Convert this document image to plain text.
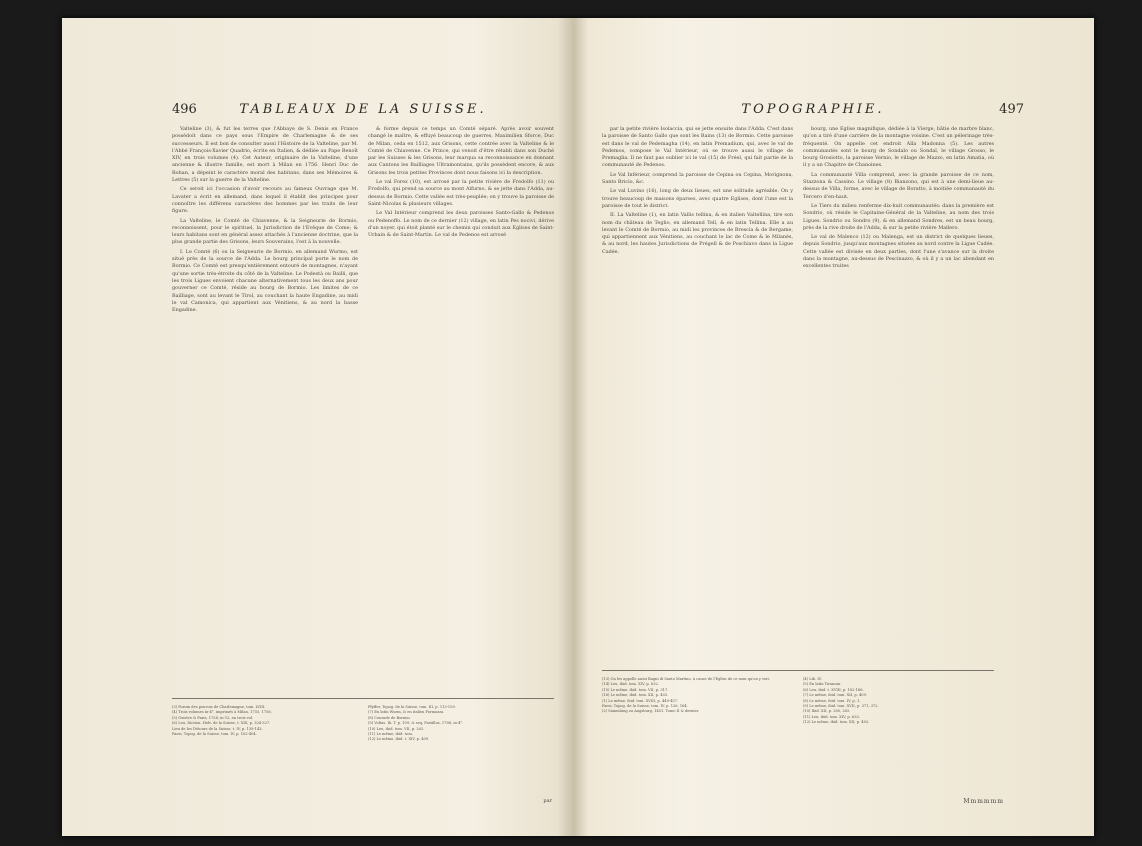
496	TABLEAUX DE LA SUISSE.

Valteline (3), & fut les terres que l'Abbaye de S. Denis en France possédoit dans ce pays sous l'Empire de Charlemagne & de ses successeurs. Il est bon de consulter aussi l'Histoire de la Valteline, par M. l'Abbé François-Xavier Quadrio, écrite en Italien, & dédiée au Pape Benoît XIV, en trois volumes (4). Cet Auteur, originaire de la Valteline, d'une ancienne & illustre famille, est mort à Milan en 1756. Henri Duc de Rohan, a dépeint le caractère moral des habitans, dans ses Mémoires & Lettres (5) sur la guerre de la Valteline.

Ce seroit ici l'occasion d'avoir recours au fameux Ouvrage que M. Lavater a écrit en allemand, dans lequel il établit des principes pour connoître les différens caractères des hommes par les traits de leur figure.

La Valteline, le Comté de Chiavenne, & la Seigneurie de Bormio, reconnoissent, pour le spirituel, la Jurisdiction de l'Evêque de Come; & leurs habitans sont en général assez attachés à l'ancienne doctrine, que la plus grande partie des Grisons, leurs Souverains, l'est à la nouvelle.

I. Le Comté (6) ou la Seigneurie de Bormio, en allemand Wurmo, est situé près de la source de l'Adda. Le bourg principal porte le nom de Bormio. Ce Comté est presqu'entièrement entouré de montagnes, n'ayant qu'une sortie très-étroite du côté de la Valteline. Le Podestà ou Bailli, que les trois Ligues envoient chacune alternativement tous les deux ans pour gouverner ce Comté, réside au bourg de Bormio. Les limites de ce Bailliage, sont au levant le Tirol, au couchant la haute Engadine, au midi le val Camonica, qui appartient aux Vénitiens, & au nord la basse Engadine.

& forme depuis ce temps un Comté séparé. Après avoir souvent changé le maître, & effuyé beaucoup de guerres, Maximilien Sforce, Duc de Milan, ceda en 1512, aux Grisons, cette contrée avec la Valteline & le Comté de Chiavenne. Ce Prince, qui venoit d'être rétabli dans son Duché par les Suisses & les Grisons, leur marqua sa reconnoissance en donnant aux Cantons les Bailliages Ultramontains, qu'ils possèdent encore, & aux Grisons les trois petites Provinces dont nous faisons ici la description.

Le val Forez (10), est arrosé par la petite rivière de Fredolfo (11) ou Frodolfo, qui prend sa source au mont Alfurno, & se jette dans l'Adda, au-dessus de Bormio. Cette vallée est très-peuplée; on y trouve la paroisse de Saint-Nicolas & plusieurs villages.

Le Val Intérieur comprend les deux paroisses Santo-Gallo & Pedenos ou Pedenoffo. Le nom de ce dernier (12) village, en latin Pes nocivi, dérive d'un noyer, qui étoit planté sur le chemin qui conduit aux Eglises de Saint-Urbain & de Saint-Martin. Le val de Pedenos est arrosé

(3) Forum des pouvois de Charlemagne, tom. LVIII.
(4) Trois volumes in-4°, imprimés à Milan, 1755, 1756.
(5) Genève & Paris, 1758, in-12, en trois vol.
(6) Leu, Diction. Helv. de la Suisse, t. XIX, p. 324-327.
Lieu de les Détours de la Suisse, t. IV, p. 139-143.
Faesi, Topog. de la Suisse, tom. IV, p. 102-404.
Pfyffer, Topog. de la Suisse, tom. III, p. 113-159.
(7) En latin Wurm, & en italien Formazza.
(8) Conrade de Bormio.
(9) Voltas. Ib. T. p. 109, & seq. Pastillus, 1788, in-4°.
(10) Leu, ibid. tom. VII, p. 202.
(11) Le même, ibid. tom.
(12) Le même, ibid. t. XIV, p. 409.
par
TOPOGRAPHIE.	497

par la petite rivière Isolaccia, qui se jette ensuite dans l'Adda. C'est dans la paroisse de Santo Gallo que sont les Bains (13) de Bormio. Cette paroisse est dans le val de Pedemagha (14), en latin Premadium, qui, avec le val de Pedemos, compose le Val Intérieur, où se trouve aussi le village de Premaglia. Il ne faut pas oublier ici le val (15) de Fréel, qui fait partie de la communauté de Pedenos.

Le Val Inférieur, comprend la paroisse de Cepina ou Cepina, Morignona, Santo Bricio, &c.

Le val Luvino (16), long de deux lieues, est une solitude agréable. On y trouve beaucoup de maisons éparses, avec quatre Eglises, dont l'une est la paroisse de tout le district.

II. La Valteline (1), en latin Vallis tellina, & en italien Valtellina, tire son nom du château de Teglio, en allemand Tell, & en latin Tellina. Elle a au levant le Comté de Bormio, au midi les provinces de Brescia & de Bergame, qui appartiennent aux Vénitiens, au couchant le lac de Come & le Milanès, & au nord, les hautes Jurisdictions de Prégell & de Poschiavo dans la Ligue Cadée.

bourg, une Eglise magnifique, dédiée à la Vierge, bâtie de marbre blanc, qu'on a tiré d'une carrière de la montagne voisine. C'est un pélerinage très-fréquenté. On appelle cet endroit Alla Madonna (5). Les autres communautés sont le bourg de Sondalo ou Sondal, le village Grosso, le bourg Grosiotto, la paroisse Vernio, le village de Mazzo, en latin Amatia, où il y a un Chapitre de Chanoines.

La communauté Villa comprend, avec la grande paroisse de ce nom, Stazzona & Cassino. Le village (8) Bianzono, qui est à une demi-lieue au-dessus de Villa, forme, avec le village de Boratto, à moitiée communauté du Tercero d'en-haut.

Le Tiers du milieu renferme dix-huit communautés: dans la première est Sondrio, où réside le Capitaine-Général de la Valteline, au nom des trois Ligues. Sondrio ou Sondro (9), & en allemand Sondres, est un beau bourg, près de la rive droite de l'Adda, & sur la petite rivière Mallero.

Le val de Malenco (12) ou Malenga, est un district de quelques lieues, depuis Sondrio, jusqu'aux montagnes situées au nord contre la Ligue Cadée. Cette vallée est divisée en deux parties, dont l'une s'avance sur la droite dans la montagne, au-dessus de Pescinazzo, & où il y a un lac abondant en excellentes truites

(13) On les appelle aussi Bagni di Santo Martino, à cause de l'Eglise de ce nom qu'on y voit.
(14) Leu, ibid. tom. XIV, p. 632.
(15) Le même, ibid. tom. VII, p. 317.
(16) Le même, ibid. tom. XII, p. 403.
(1) Le même, ibid. tom. XVIII, p. 449-457.
Faesi, Topog. de la Suisse, tom. IV, p. 126, 164.
(2) Sammlung zu Augsburg, 1451. Tome II & dernier.
(4) Lib. IV.
(5) En latin Tiranum.
(6) Leu, ibid. t. XVIII, p. 182-186.
(7) Le même, ibid. tom. XII, p. 409.
(8) Le même, ibid. tom. IV, p. 1.
(9) Le même, ibid. tom. XVII, p. 371, 372.
(10) Ibid. XII, p. 280, 282.
(11) Leu, ibid. tom. XIV, p. 633.
(12) Le même, ibid. tom. XII, p. 402.
Mmmmmm
